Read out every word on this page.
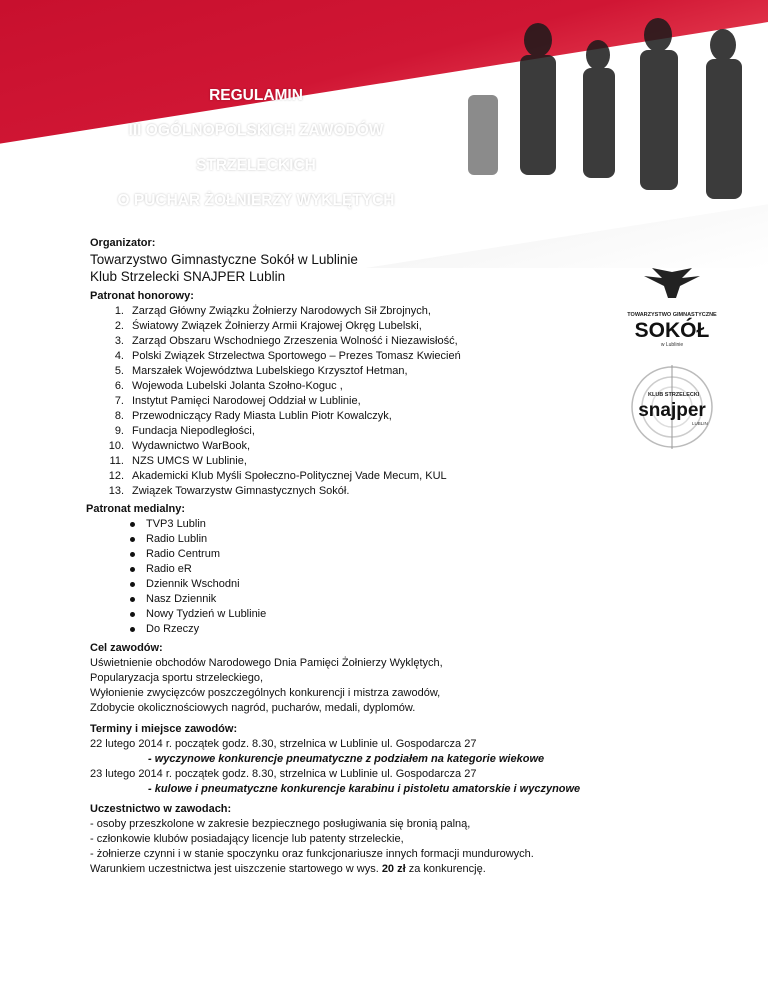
REGULAMIN
III OGÓLNOPOLSKICH ZAWODÓW
STRZELECKICH
O PUCHAR ŻOŁNIERZY WYKLĘTYCH
Organizator:
Towarzystwo Gimnastyczne Sokół w Lublinie
Klub Strzelecki SNAJPER Lublin
Patronat honorowy:
1. Zarząd Główny Związku Żołnierzy Narodowych Sił Zbrojnych,
2. Światowy Związek Żołnierzy Armii Krajowej Okręg Lubelski,
3. Zarząd Obszaru Wschodniego Zrzeszenia Wolność i Niezawisłość,
4. Polski Związek Strzelectwa Sportowego – Prezes Tomasz Kwiecień
5. Marszałek Województwa Lubelskiego Krzysztof Hetman,
6. Wojewoda Lubelski Jolanta Szołno-Koguc ,
7. Instytut Pamięci Narodowej Oddział w Lublinie,
8. Przewodniczący Rady Miasta Lublin Piotr Kowalczyk,
9. Fundacja Niepodległości,
10. Wydawnictwo WarBook,
11. NZS UMCS W Lublinie,
12. Akademicki Klub Myśli Społeczno-Politycznej Vade Mecum, KUL
13. Związek Towarzystw Gimnastycznych Sokół.
Patronat medialny:
TVP3 Lublin
Radio Lublin
Radio Centrum
Radio eR
Dziennik Wschodni
Nasz Dziennik
Nowy Tydzień w Lublinie
Do Rzeczy
Cel zawodów:
Uświetnienie obchodów Narodowego Dnia Pamięci Żołnierzy Wyklętych,
Popularyzacja sportu strzeleckiego,
Wyłonienie zwycięzców poszczególnych konkurencji i mistrza zawodów,
Zdobycie okolicznościowych nagród, pucharów, medali, dyplomów.
Terminy i miejsce zawodów:
22 lutego 2014 r. początek godz. 8.30, strzelnica w Lublinie ul. Gospodarcza 27
- wyczynowe konkurencje pneumatyczne z podziałem na kategorie wiekowe
23 lutego 2014 r. początek godz. 8.30, strzelnica w Lublinie ul. Gospodarcza 27
- kulowe i pneumatyczne konkurencje karabinu i pistoletu amatorskie i wyczynowe
Uczestnictwo w zawodach:
- osoby przeszkolone w zakresie bezpiecznego posługiwania się bronią palną,
- członkowie klubów posiadający licencje lub patenty strzeleckie,
- żołnierze czynni i w stanie spoczynku oraz funkcjonariusze innych formacji mundurowych.
Warunkiem uczestnictwa jest uiszczenie startowego w wys. 20 zł za konkurencję.
TOWARZYSTWO GIMNASTYCZNE
SOKÓŁ
w Lublinie
KLUB STRZELECKI
snajper
LUBLIN
